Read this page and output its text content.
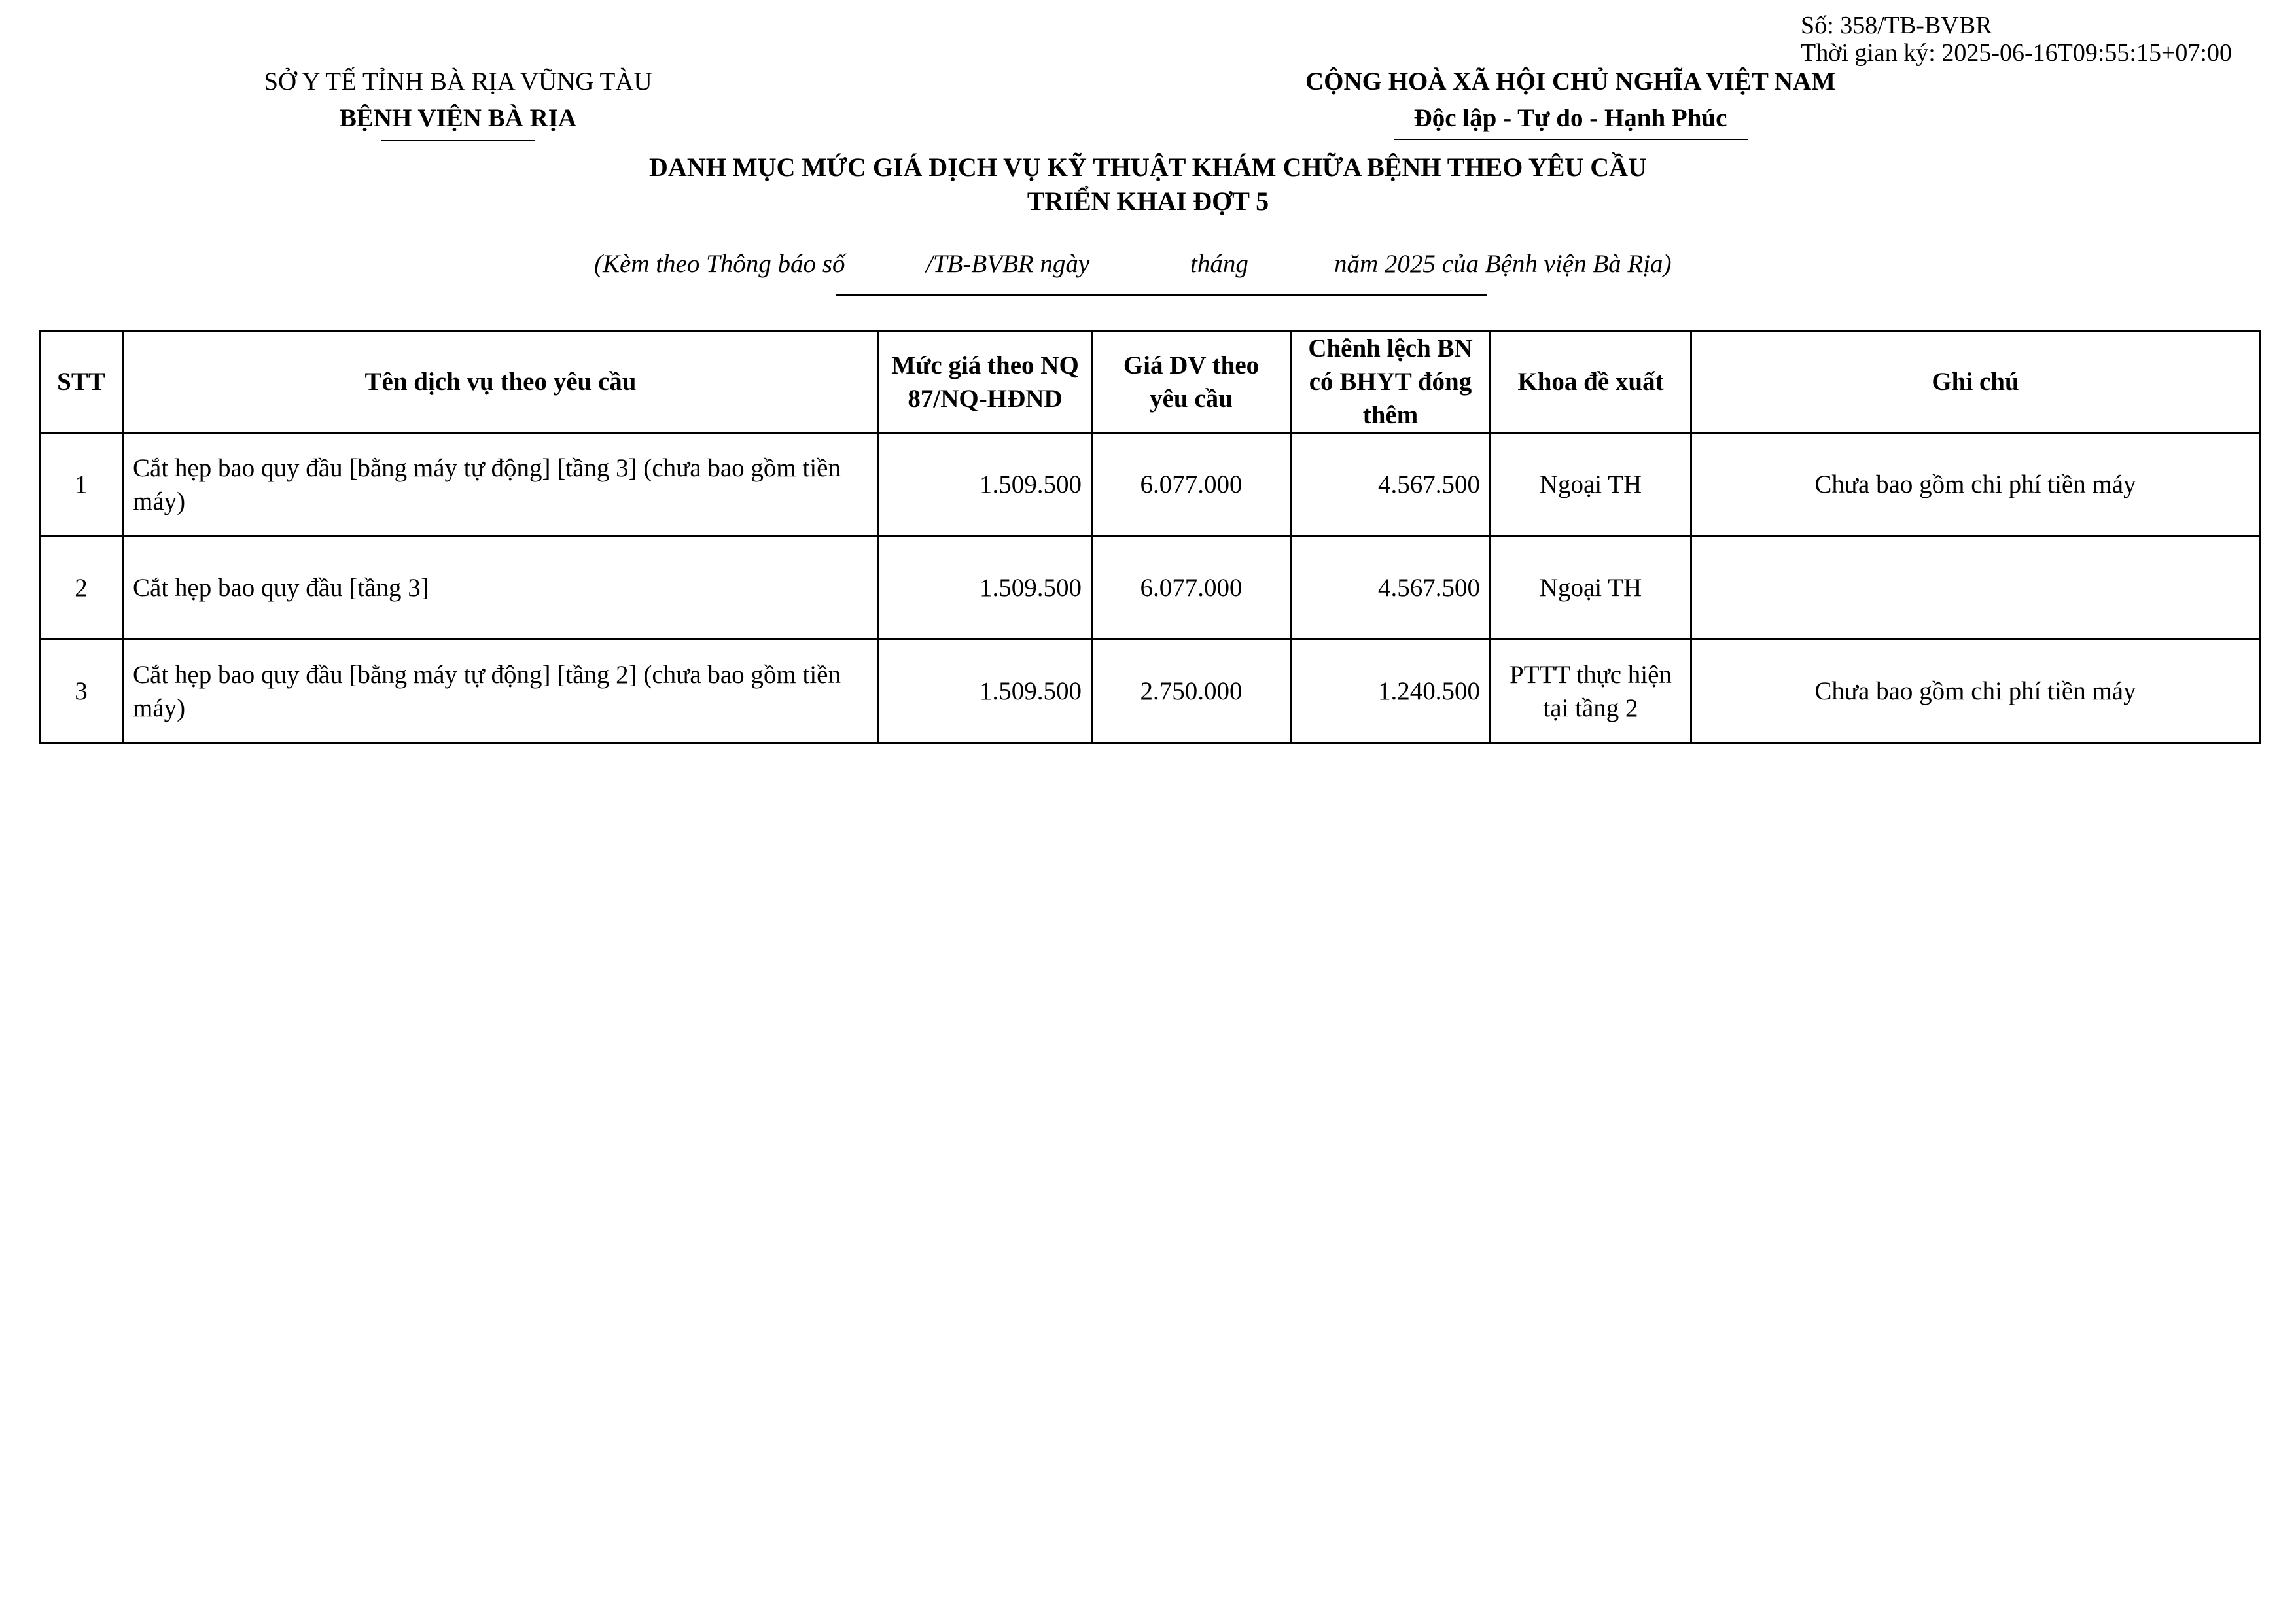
Số: 358/TB-BVBR
Thời gian ký: 2025-06-16T09:55:15+07:00
SỞ Y TẾ TỈNH BÀ RỊA VŨNG TÀU
BỆNH VIỆN BÀ RỊA
CỘNG HOÀ XÃ HỘI CHỦ NGHĨA VIỆT NAM
Độc lập - Tự do - Hạnh Phúc
DANH MỤC MỨC GIÁ DỊCH VỤ KỸ THUẬT KHÁM CHỮA BỆNH THEO YÊU CẦU
TRIỂN KHAI ĐỢT 5
(Kèm theo Thông báo số	/TB-BVBR ngày	tháng	năm 2025 của Bệnh viện Bà Rịa)
STT	Tên dịch vụ theo yêu cầu	Mức giá theo NQ 87/NQ-HĐND	Giá DV theo yêu cầu	Chênh lệch BN có BHYT đóng thêm	Khoa đề xuất	Ghi chú
1	Cắt hẹp bao quy đầu [bằng máy tự động] [tầng 3] (chưa bao gồm tiền máy)	1.509.500	6.077.000	4.567.500	Ngoại TH	Chưa bao gồm chi phí tiền máy
2	Cắt hẹp bao quy đầu [tầng 3]	1.509.500	6.077.000	4.567.500	Ngoại TH	
3	Cắt hẹp bao quy đầu [bằng máy tự động] [tầng 2] (chưa bao gồm tiền máy)	1.509.500	2.750.000	1.240.500	PTTT thực hiện tại tầng 2	Chưa bao gồm chi phí tiền máy
